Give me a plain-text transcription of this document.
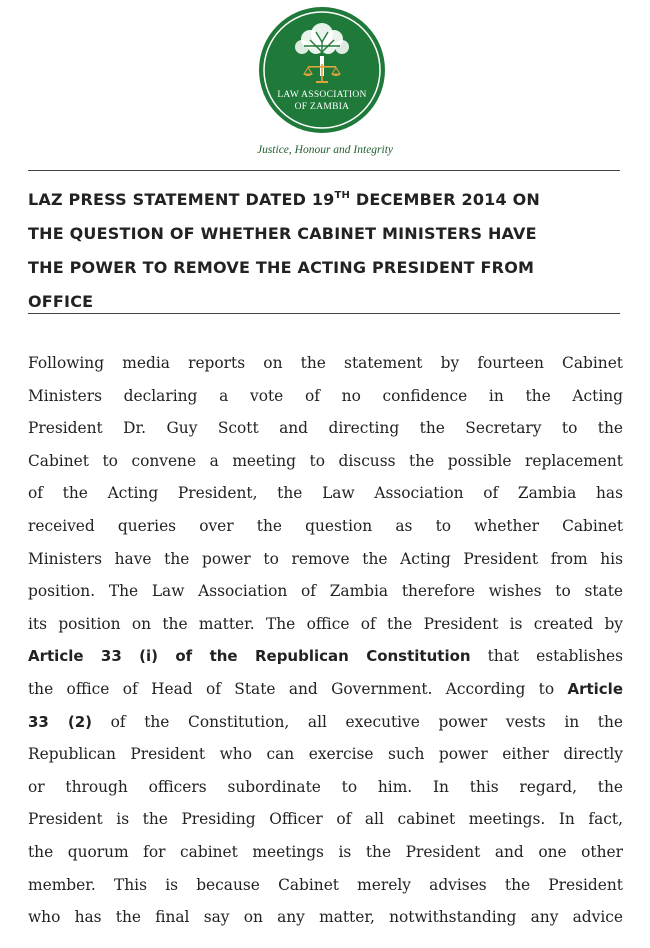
LAW ASSOCIATION
OF ZAMBIA
Justice, Honour and Integrity
LAZ PRESS STATEMENT DATED 19TH DECEMBER 2014 ON
THE QUESTION OF WHETHER CABINET MINISTERS HAVE
THE POWER TO REMOVE THE ACTING PRESIDENT FROM
OFFICE
Following media reports on the statement by fourteen Cabinet
Ministers declaring a vote of no confidence in the Acting
President Dr. Guy Scott and directing the Secretary to the
Cabinet to convene a meeting to discuss the possible replacement
of the Acting President, the Law Association of Zambia has
received queries over the question as to whether Cabinet
Ministers have the power to remove the Acting President from his
position. The Law Association of Zambia therefore wishes to state
its position on the matter. The office of the President is created by
Article 33 (i) of the Republican Constitution that establishes
the office of Head of State and Government. According to Article
33 (2) of the Constitution, all executive power vests in the
Republican President who can exercise such power either directly
or through officers subordinate to him. In this regard, the
President is the Presiding Officer of all cabinet meetings. In fact,
the quorum for cabinet meetings is the President and one other
member. This is because Cabinet merely advises the President
who has the final say on any matter, notwithstanding any advice
